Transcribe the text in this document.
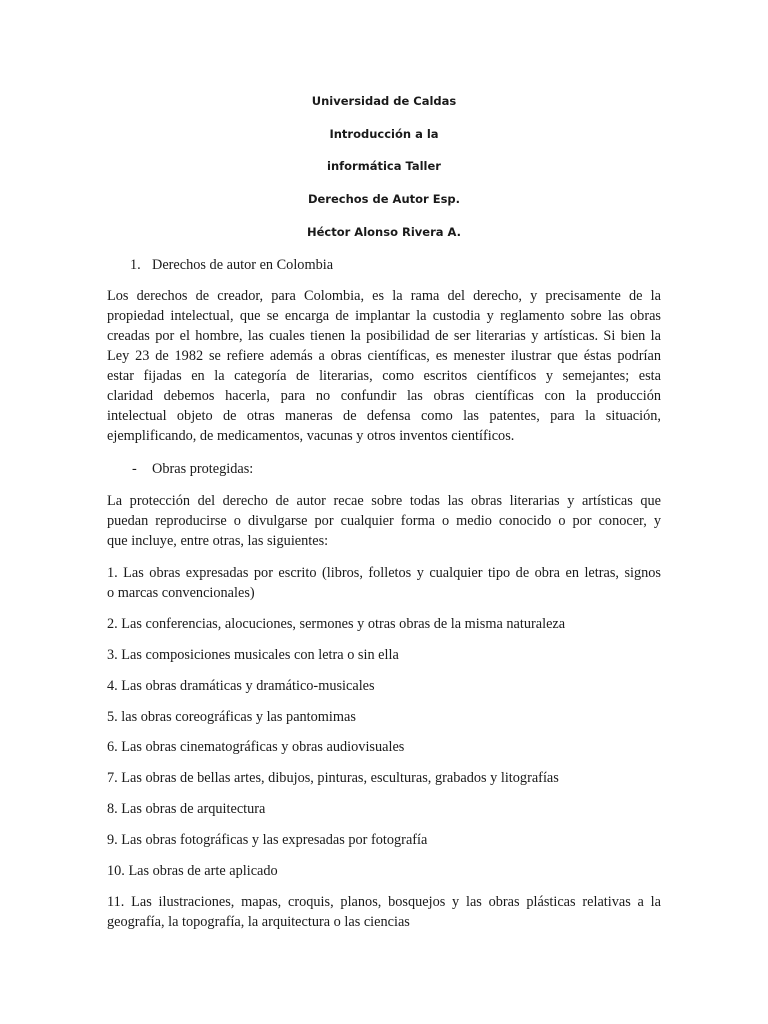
Universidad de Caldas
Introducción a la
informática Taller
Derechos de Autor Esp.
Héctor Alonso Rivera A.
1. Derechos de autor en Colombia
Los derechos de creador, para Colombia, es la rama del derecho, y precisamente de la
propiedad intelectual, que se encarga de implantar la custodia y reglamento sobre las obras
creadas por el hombre, las cuales tienen la posibilidad de ser literarias y artísticas. Si bien la
Ley 23 de 1982 se refiere además a obras científicas, es menester ilustrar que éstas podrían
estar fijadas en la categoría de literarias, como escritos científicos y semejantes; esta
claridad debemos hacerla, para no confundir las obras científicas con la producción
intelectual objeto de otras maneras de defensa como las patentes, para la situación,
ejemplificando, de medicamentos, vacunas y otros inventos científicos.
- Obras protegidas:
La protección del derecho de autor recae sobre todas las obras literarias y artísticas que
puedan reproducirse o divulgarse por cualquier forma o medio conocido o por conocer, y
que incluye, entre otras, las siguientes:
1. Las obras expresadas por escrito (libros, folletos y cualquier tipo de obra en letras, signos
o marcas convencionales)
2. Las conferencias, alocuciones, sermones y otras obras de la misma naturaleza
3. Las composiciones musicales con letra o sin ella
4. Las obras dramáticas y dramático-musicales
5. las obras coreográficas y las pantomimas
6. Las obras cinematográficas y obras audiovisuales
7. Las obras de bellas artes, dibujos, pinturas, esculturas, grabados y litografías
8. Las obras de arquitectura
9. Las obras fotográficas y las expresadas por fotografía
10. Las obras de arte aplicado
11. Las ilustraciones, mapas, croquis, planos, bosquejos y las obras plásticas relativas a la
geografía, la topografía, la arquitectura o las ciencias
